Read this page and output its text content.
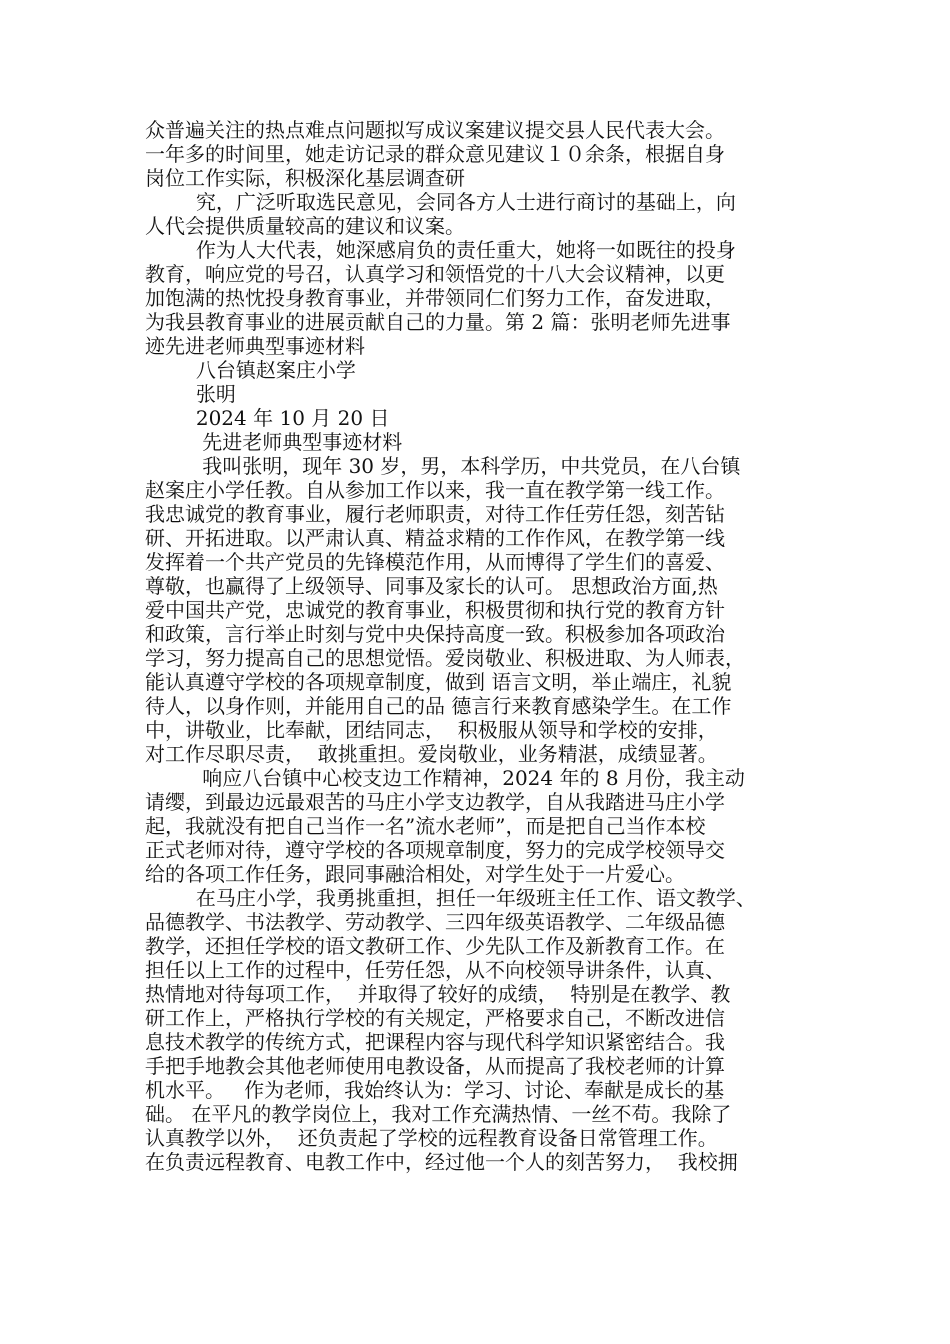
众普遍关注的热点难点问题拟写成议案建议提交县人民代表大会。
一年多的时间里，她走访记录的群众意见建议１０余条，根据自身
岗位工作实际，积极深化基层调查研
究，广泛听取选民意见，会同各方人士进行商讨的基础上，向
人代会提供质量较高的建议和议案。
作为人大代表，她深感肩负的责任重大，她将一如既往的投身
教育，响应党的号召，认真学习和领悟党的十八大会议精神，以更
加饱满的热忱投身教育事业，并带领同仁们努力工作，奋发进取，
为我县教育事业的进展贡献自己的力量。第 2 篇：张明老师先进事
迹先进老师典型事迹材料
八台镇赵案庄小学
张明
2024 年 10 月 20 日
先进老师典型事迹材料
我叫张明，现年 30 岁，男，本科学历，中共党员，在八台镇
赵案庄小学任教。自从参加工作以来，我一直在教学第一线工作。
我忠诚党的教育事业，履行老师职责，对待工作任劳任怨，刻苦钻
研、开拓进取。以严肃认真、精益求精的工作作风，在教学第一线
发挥着一个共产党员的先锋模范作用，从而博得了学生们的喜爱、
尊敬，也赢得了上级领导、同事及家长的认可。 思想政治方面,热
爱中国共产党，忠诚党的教育事业，积极贯彻和执行党的教育方针
和政策，言行举止时刻与党中央保持高度一致。积极参加各项政治
学习，努力提高自己的思想觉悟。爱岗敬业、积极进取、为人师表，
能认真遵守学校的各项规章制度，做到 语言文明，举止端庄，礼貌
待人，以身作则，并能用自己的品 德言行来教育感染学生。在工作
中，讲敬业，比奉献，团结同志，  积极服从领导和学校的安排，
对工作尽职尽责，  敢挑重担。爱岗敬业，业务精湛，成绩显著。
响应八台镇中心校支边工作精神，2024 年的 8 月份，我主动
请缨，到最边远最艰苦的马庄小学支边教学，自从我踏进马庄小学
起，我就没有把自己当作一名”流水老师”，而是把自己当作本校
正式老师对待，遵守学校的各项规章制度，努力的完成学校领导交
给的各项工作任务，跟同事融洽相处，对学生处于一片爱心。
在马庄小学，我勇挑重担，担任一年级班主任工作、语文教学、
品德教学、书法教学、劳动教学、三四年级英语教学、二年级品德
教学，还担任学校的语文教研工作、少先队工作及新教育工作。在
担任以上工作的过程中，任劳任怨，从不向校领导讲条件，认真、
热情地对待每项工作，  并取得了较好的成绩，  特别是在教学、教
研工作上，严格执行学校的有关规定，严格要求自己，不断改进信
息技术教学的传统方式，把课程内容与现代科学知识紧密结合。我
手把手地教会其他老师使用电教设备，从而提高了我校老师的计算
机水平。   作为老师，我始终认为：学习、讨论、奉献是成长的基
础。 在平凡的教学岗位上，我对工作充满热情、一丝不苟。我除了
认真教学以外，  还负责起了学校的远程教育设备日常管理工作。
在负责远程教育、电教工作中，经过他一个人的刻苦努力，  我校拥
